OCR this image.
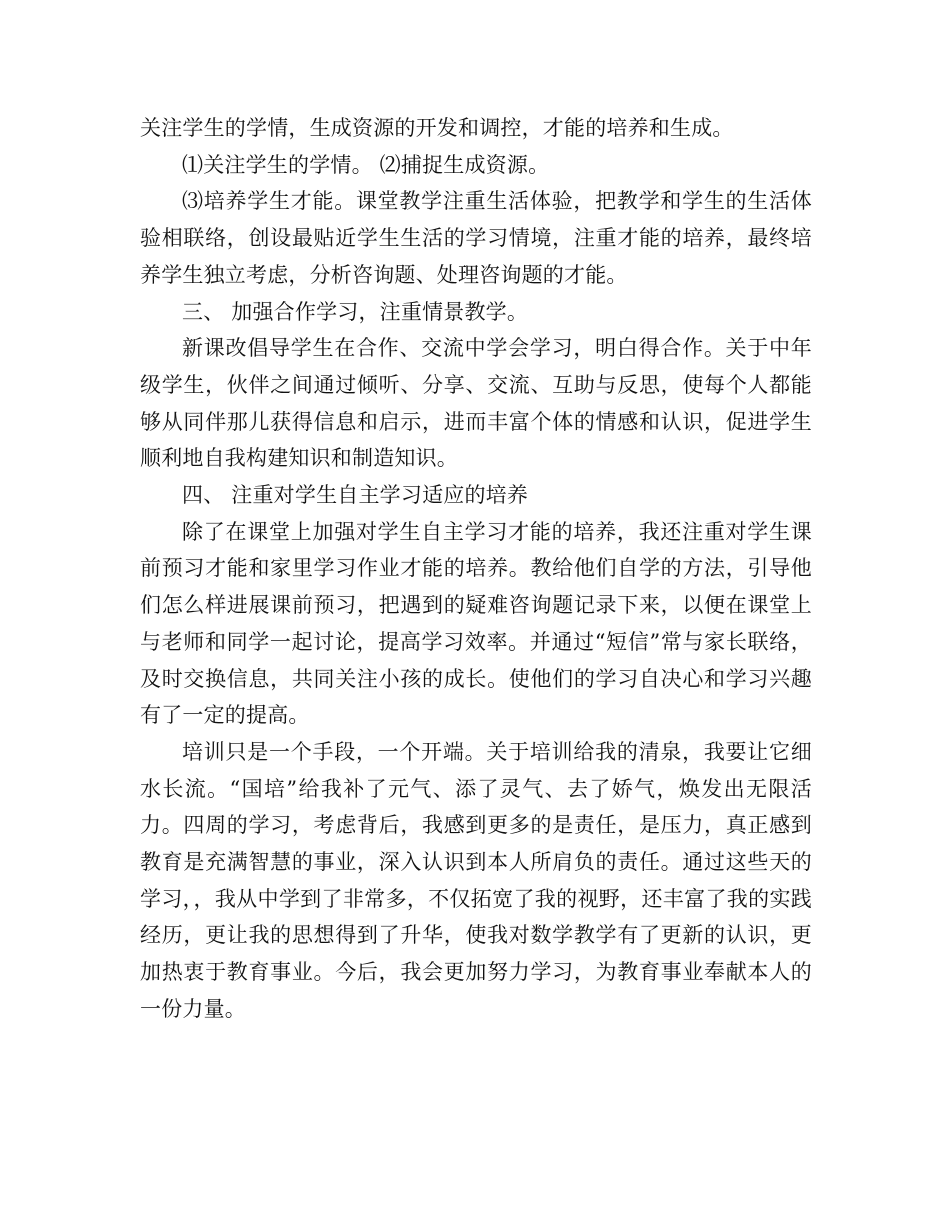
关注学生的学情，生成资源的开发和调控，才能的培养和生成。

⑴关注学生的学情。 ⑵捕捉生成资源。

⑶培养学生才能。课堂教学注重生活体验，把教学和学生的生活体验相联络，创设最贴近学生生活的学习情境，注重才能的培养，最终培养学生独立考虑，分析咨询题、处理咨询题的才能。

三、 加强合作学习，注重情景教学。

新课改倡导学生在合作、交流中学会学习，明白得合作。关于中年级学生，伙伴之间通过倾听、分享、交流、互助与反思，使每个人都能够从同伴那儿获得信息和启示，进而丰富个体的情感和认识，促进学生顺利地自我构建知识和制造知识。

四、 注重对学生自主学习适应的培养

除了在课堂上加强对学生自主学习才能的培养，我还注重对学生课前预习才能和家里学习作业才能的培养。教给他们自学的方法，引导他们怎么样进展课前预习，把遇到的疑难咨询题记录下来，以便在课堂上与老师和同学一起讨论，提高学习效率。并通过“短信”常与家长联络，及时交换信息，共同关注小孩的成长。使他们的学习自决心和学习兴趣有了一定的提高。

培训只是一个手段，一个开端。关于培训给我的清泉，我要让它细水长流。“国培”给我补了元气、添了灵气、去了娇气，焕发出无限活力。四周的学习，考虑背后，我感到更多的是责任，是压力，真正感到教育是充满智慧的事业，深入认识到本人所肩负的责任。通过这些天的学习，，我从中学到了非常多，不仅拓宽了我的视野，还丰富了我的实践经历，更让我的思想得到了升华，使我对数学教学有了更新的认识，更加热衷于教育事业。今后，我会更加努力学习，为教育事业奉献本人的一份力量。
